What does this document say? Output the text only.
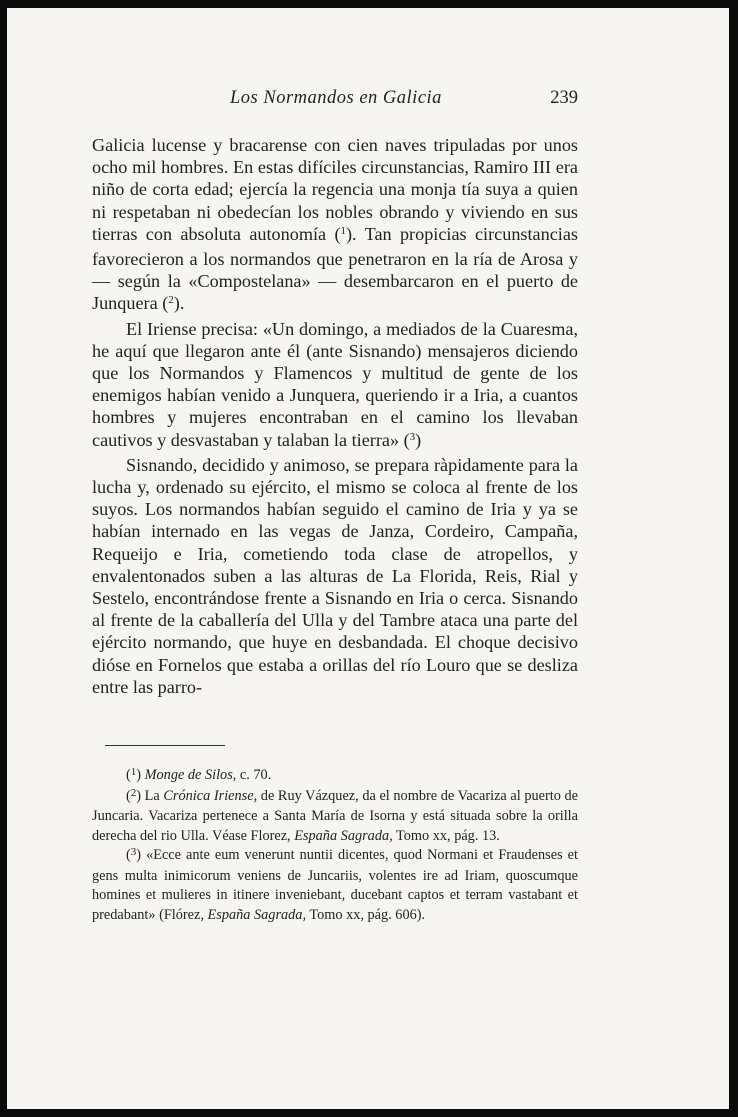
Los Normandos en Galicia	239

Galicia lucense y bracarense con cien naves tripuladas por unos ocho mil hombres. En estas difíciles circunstancias, Ramiro III era niño de corta edad; ejercía la regencia una monja tía suya a quien ni respetaban ni obedecían los nobles obrando y viviendo en sus tierras con absoluta autonomía ($^1$). Tan propicias circunstancias favorecieron a los normandos que penetraron en la ría de Arosa y — según la «Compostelana» — desembarcaron en el puerto de Junquera ($^2$).

El Iriense precisa: «Un domingo, a mediados de la Cuaresma, he aquí que llegaron ante él (ante Sisnando) mensajeros diciendo que los Normandos y Flamencos y multitud de gente de los enemigos habían venido a Junquera, queriendo ir a Iria, a cuantos hombres y mujeres encontraban en el camino los llevaban cautivos y desvastaban y talaban la tierra» ($^3$)

Sisnando, decidido y animoso, se prepara ràpidamente para la lucha y, ordenado su ejército, el mismo se coloca al frente de los suyos. Los normandos habían seguido el camino de Iria y ya se habían internado en las vegas de Janza, Cordeiro, Campaña, Requeijo e Iria, cometiendo toda clase de atropellos, y envalentonados suben a las alturas de La Florida, Reis, Rial y Sestelo, encontrándose frente a Sisnando en Iria o cerca. Sisnando al frente de la caballería del Ulla y del Tambre ataca una parte del ejército normando, que huye en desbandada. El choque decisivo dióse en Fornelos que estaba a orillas del río Louro que se desliza entre las parro-

($^1$) Monge de Silos, c. 70.

($^2$) La Crónica Iriense, de Ruy Vázquez, da el nombre de Vacariza al puerto de Juncaria. Vacariza pertenece a Santa María de Isorna y está situada sobre la orilla derecha del rio Ulla. Véase Florez, España Sagrada, Tomo xx, pág. 13.

($^3$) «Ecce ante eum venerunt nuntii dicentes, quod Normani et Fraudenses et gens multa inimicorum veniens de Juncariis, volentes ire ad Iriam, quoscumque homines et mulieres in itinere inveniebant, ducebant captos et terram vastabant et predabant» (Flórez, España Sagrada, Tomo xx, pág. 606).
